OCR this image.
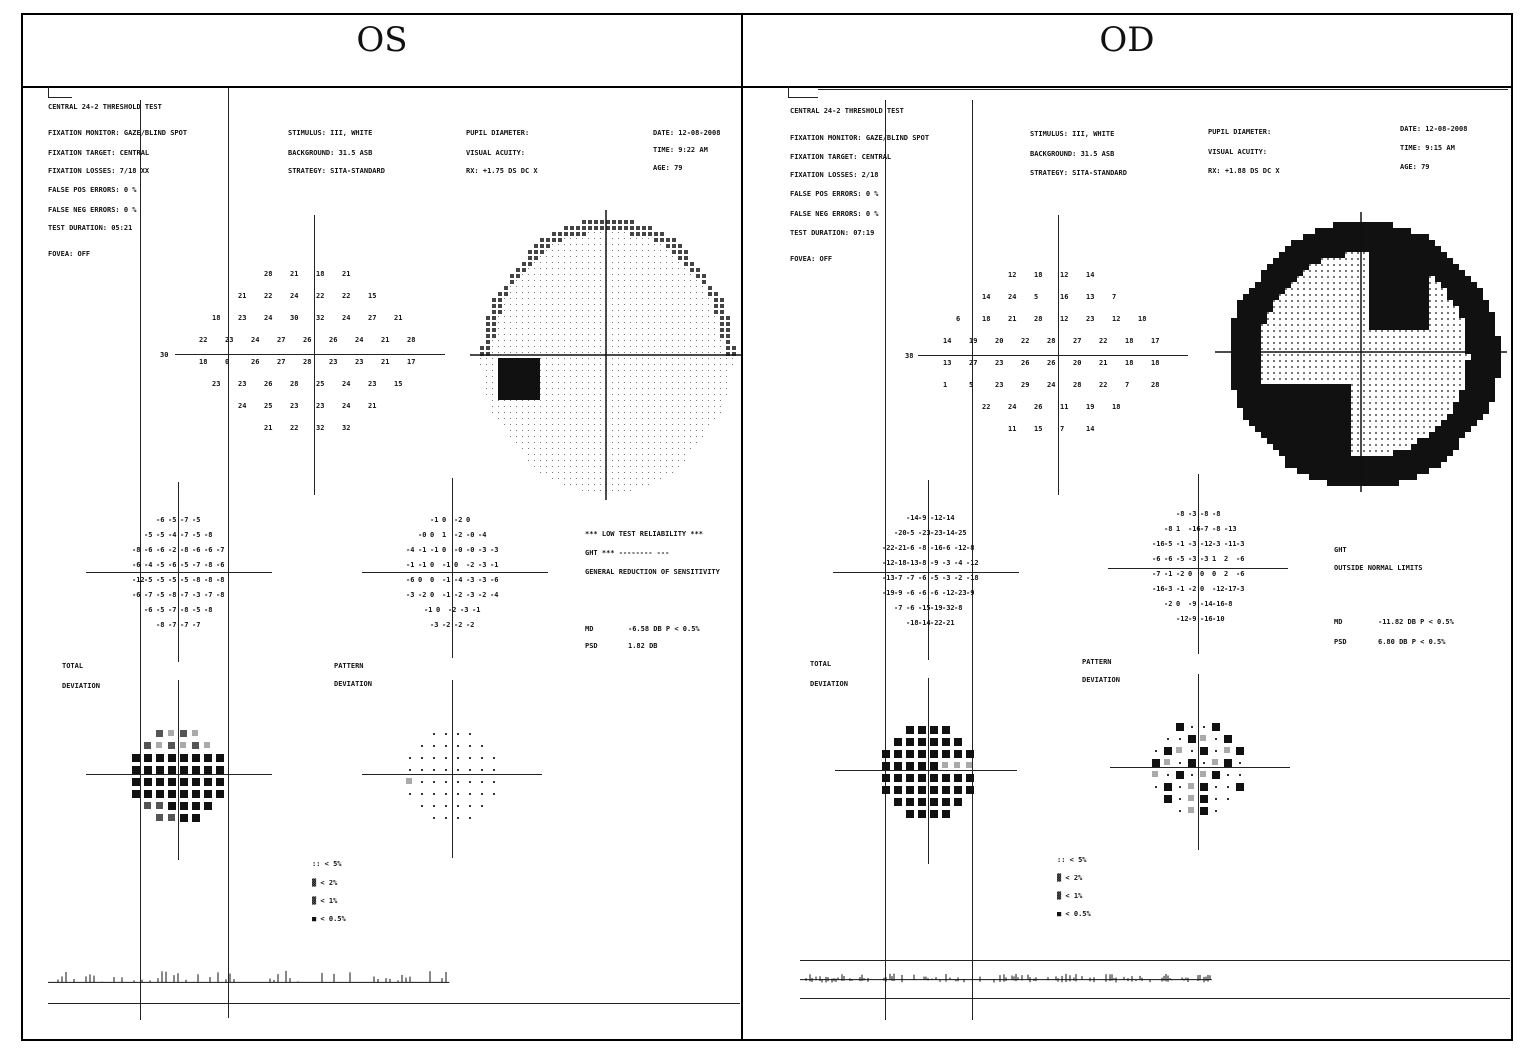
OS	OD
CENTRAL 24-2 THRESHOLD TEST
FIXATION MONITOR: GAZE/BLIND SPOT
FIXATION TARGET: CENTRAL
FIXATION LOSSES: 7/18 XX
FALSE POS ERRORS: 0 %
FALSE NEG ERRORS: 0 %
TEST DURATION: 05:21
FOVEA: OFF
STIMULUS: III, WHITE
BACKGROUND: 31.5 ASB
STRATEGY: SITA-STANDARD
PUPIL DIAMETER:
VISUAL ACUITY:
RX: +1.75 DS DC X
DATE: 12-08-2008
TIME: 9:22 AM
AGE: 79
30
28	21	18	21
21	22	24	22	22	15
18	23	24	30	32	24	27	21
22	23	24	27	26	26	24	21	28
18	0	26	27	28	23	23	21	17
23	23	26	28	25	24	23	15
24	25	23	23	24	21
21	22	32	32
-6 -5 -7 -5
-5 -5 -4 -7 -5 -8
-8 -6 -6 -2 -8 -6 -6 -7
-6 -4 -5 -6 -5 -7 -8 -6
-12 -5 -5 -5 -5 -8 -8 -8
-6 -7 -5 -8 -7 -3 -7 -8
-6 -5 -7 -8 -5 -8
-8 -7 -7 -7
-1 0 -2 0
-0 0 1 -2 -0 -4
-4 -1 -1 0 -0 -0 -3 -3
-1 -1 0 -1 0 -2 -3 -1
-6 0 0 -1 -4 -3 -3 -6
-3 -2 0 -1 -2 -3 -2 -4
-1 0 -2 -3 -1
-3 -2 -2 -2
*** LOW TEST RELIABILITY ***
GHT *** -------- ---
GENERAL REDUCTION OF SENSITIVITY
MD	-6.58 DB P < 0.5%
PSD	1.82 DB
TOTAL
DEVIATION
PATTERN
DEVIATION
:: < 5%
▓ < 2%
▓ < 1%
■ < 0.5%
CENTRAL 24-2 THRESHOLD TEST
FIXATION MONITOR: GAZE/BLIND SPOT
FIXATION TARGET: CENTRAL
FIXATION LOSSES: 2/18
FALSE POS ERRORS: 0 %
FALSE NEG ERRORS: 0 %
TEST DURATION: 07:19
FOVEA: OFF
STIMULUS: III, WHITE
BACKGROUND: 31.5 ASB
STRATEGY: SITA-STANDARD
PUPIL DIAMETER:
VISUAL ACUITY:
RX: +1.88 DS DC X
DATE: 12-08-2008
TIME: 9:15 AM
AGE: 79
38
12	18	12	14
14	24	5	16	13	7
6	18	21	28	12	23	12	18
14	19	20	22	28	27	22	18	17
13	27	23	26	26	20	21	18	18
1	5	23	29	24	28	22	7	28
22	24	26	11	19	18
11	15	7	14
-14 -9 -12 -14
-20 -5 -23 -23 -14 -25
-22 -21 -6 -8 -16 -6 -12 -8
-12 -18 -13 -8 -9 -3 -4 -12
-13 -7 -7 -6 -5 -3 -2 -18
-19 -9 -6 -6 -6 -12 -23 -9
-7 -6 -15 -19 -32 -8
-18 -14 -22 -21
-8 -3 -8 -8
-8 1 -16 -7 -8 -13
-16 -5 -1 -3 -12 -3 -11 -3
-6 -6 -5 -3 -3 1 2 -6
-7 -1 -2 0 0 0 2 -6
-16 -3 -1 -2 0 -12 -17 -3
-2 0 -9 -14 -16 -8
-12 -9 -16 -10
GHT
OUTSIDE NORMAL LIMITS
MD	-11.82 DB P < 0.5%
PSD	6.80 DB P < 0.5%
TOTAL
DEVIATION
PATTERN
DEVIATION
:: < 5%
▓ < 2%
▓ < 1%
■ < 0.5%
